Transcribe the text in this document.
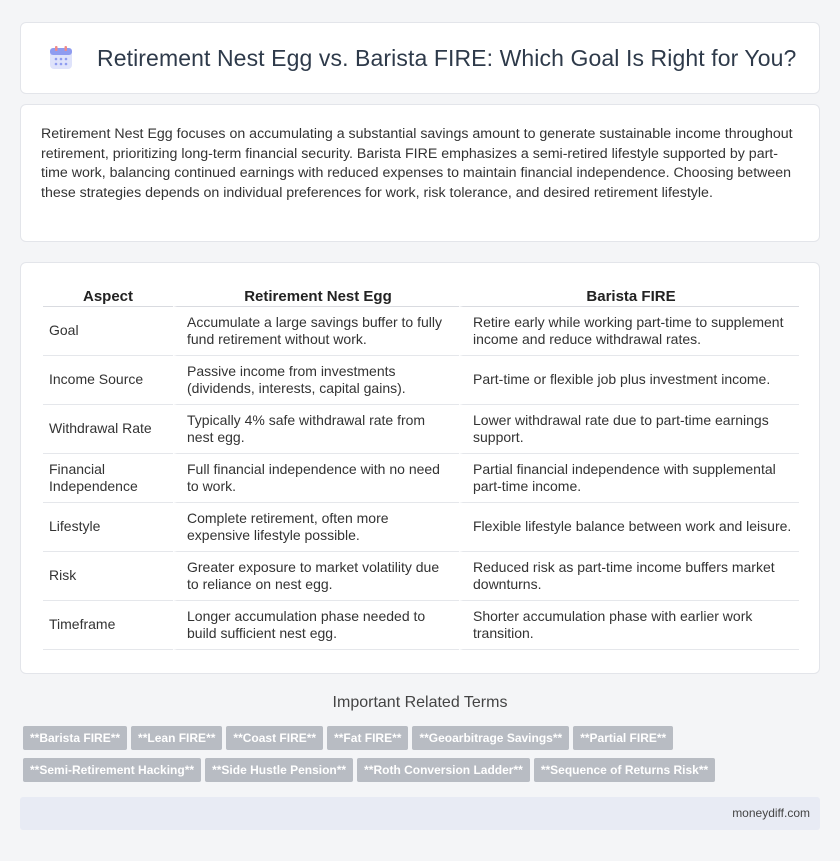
Retirement Nest Egg vs. Barista FIRE: Which Goal Is Right for You?

Retirement Nest Egg focuses on accumulating a substantial savings amount to generate sustainable income throughout retirement, prioritizing long-term financial security. Barista FIRE emphasizes a semi-retired lifestyle supported by part-time work, balancing continued earnings with reduced expenses to maintain financial independence. Choosing between these strategies depends on individual preferences for work, risk tolerance, and desired retirement lifestyle.

Aspect	Retirement Nest Egg	Barista FIRE
Goal	Accumulate a large savings buffer to fully fund retirement without work.	Retire early while working part-time to supplement income and reduce withdrawal rates.
Income Source	Passive income from investments (dividends, interests, capital gains).	Part-time or flexible job plus investment income.
Withdrawal Rate	Typically 4% safe withdrawal rate from nest egg.	Lower withdrawal rate due to part-time earnings support.
Financial Independence	Full financial independence with no need to work.	Partial financial independence with supplemental part-time income.
Lifestyle	Complete retirement, often more expensive lifestyle possible.	Flexible lifestyle balance between work and leisure.
Risk	Greater exposure to market volatility due to reliance on nest egg.	Reduced risk as part-time income buffers market downturns.
Timeframe	Longer accumulation phase needed to build sufficient nest egg.	Shorter accumulation phase with earlier work transition.
Important Related Terms
**Barista FIRE** **Lean FIRE** **Coast FIRE** **Fat FIRE** **Geoarbitrage Savings** **Partial FIRE**
**Semi-Retirement Hacking** **Side Hustle Pension** **Roth Conversion Ladder** **Sequence of Returns Risk**
moneydiff.com
